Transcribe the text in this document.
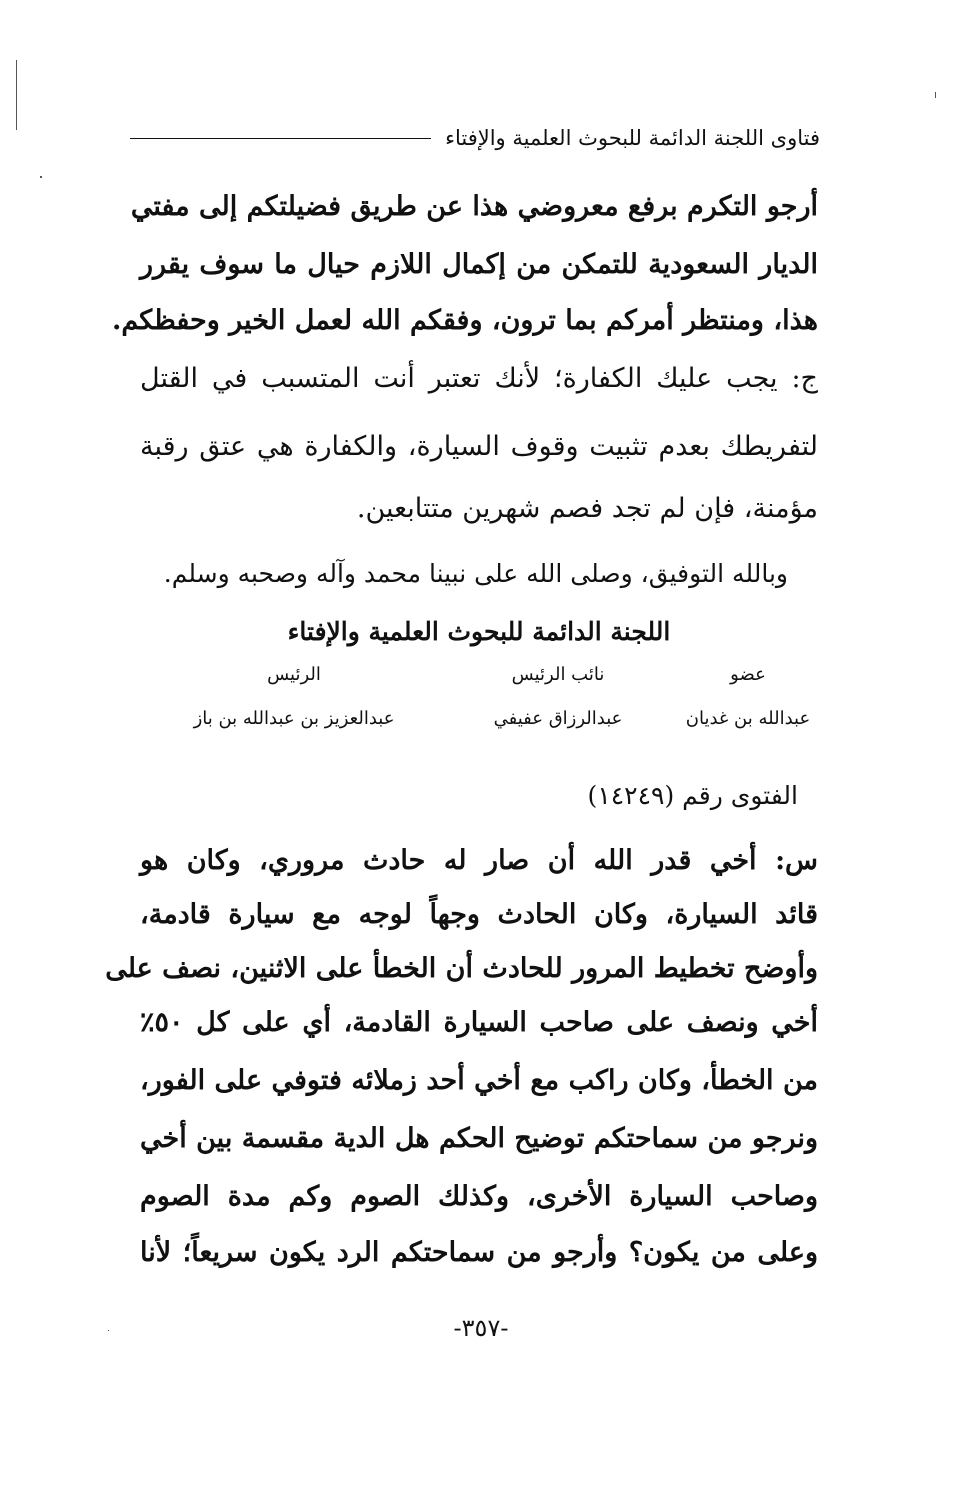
فتاوى اللجنة الدائمة للبحوث العلمية والإفتاء
أرجو التكرم برفع معروضي هذا عن طريق فضيلتكم إلى مفتي
الديار السعودية للتمكن من إكمال اللازم حيال ما سوف يقرر
هذا، ومنتظر أمركم بما ترون، وفقكم الله لعمل الخير وحفظكم.
ج: يجب عليك الكفارة؛ لأنك تعتبر أنت المتسبب في القتل
لتفريطك بعدم تثبيت وقوف السيارة، والكفارة هي عتق رقبة
مؤمنة، فإن لم تجد فصم شهرين متتابعين.
وبالله التوفيق، وصلى الله على نبينا محمد وآله وصحبه وسلم.
اللجنة الدائمة للبحوث العلمية والإفتاء
عضو
نائب الرئيس
الرئيس
عبدالله بن غديان
عبدالرزاق عفيفي
عبدالعزيز بن عبدالله بن باز
الفتوى رقم (١٤٢٤٩)
س: أخي قدر الله أن صار له حادث مروري، وكان هو
قائد السيارة، وكان الحادث وجهاً لوجه مع سيارة قادمة،
وأوضح تخطيط المرور للحادث أن الخطأ على الاثنين، نصف على
أخي ونصف على صاحب السيارة القادمة، أي على كل ٥٠٪
من الخطأ، وكان راكب مع أخي أحد زملائه فتوفي على الفور،
ونرجو من سماحتكم توضيح الحكم هل الدية مقسمة بين أخي
وصاحب السيارة الأخرى، وكذلك الصوم وكم مدة الصوم
وعلى من يكون؟ وأرجو من سماحتكم الرد يكون سريعاً؛ لأنا
-٣٥٧-
